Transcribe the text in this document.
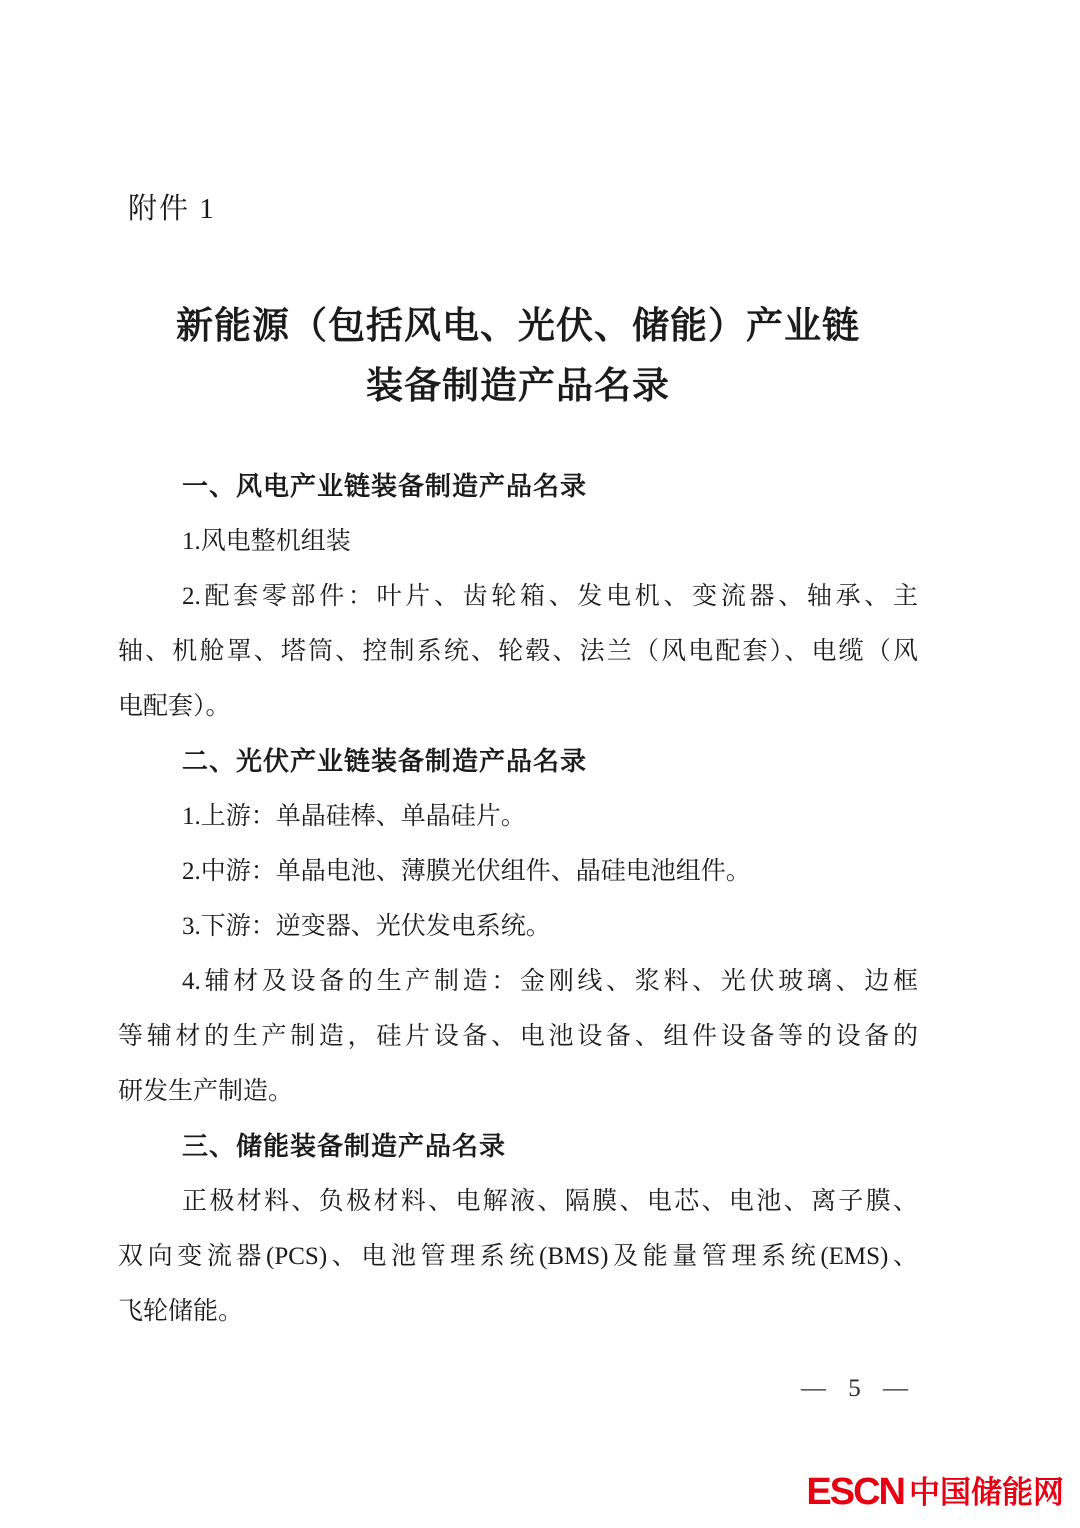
附件 1
新能源（包括风电、光伏、储能）产业链
装备制造产品名录
一、风电产业链装备制造产品名录
1.风电整机组装
2.配套零部件：叶片、齿轮箱、发电机、变流器、轴承、主
轴、机舱罩、塔筒、控制系统、轮毂、法兰（风电配套）、电缆（风
电配套）。
二、光伏产业链装备制造产品名录
1.上游：单晶硅棒、单晶硅片。
2.中游：单晶电池、薄膜光伏组件、晶硅电池组件。
3.下游：逆变器、光伏发电系统。
4.辅材及设备的生产制造：金刚线、浆料、光伏玻璃、边框
等辅材的生产制造，硅片设备、电池设备、组件设备等的设备的
研发生产制造。
三、储能装备制造产品名录
正极材料、负极材料、电解液、隔膜、电芯、电池、离子膜、
双向变流器(PCS)、电池管理系统(BMS)及能量管理系统(EMS)、
飞轮储能。
— 5 —
ESCN 中国储能网
